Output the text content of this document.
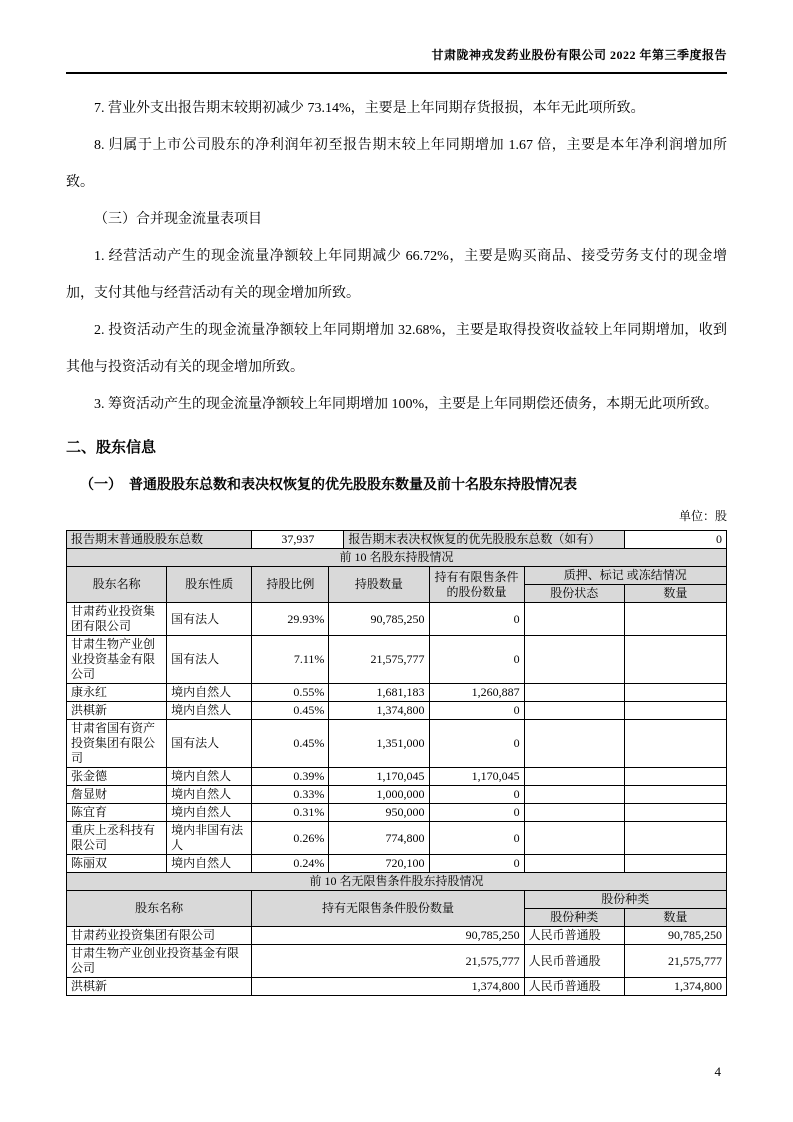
甘肃陇神戎发药业股份有限公司 2022 年第三季度报告

7. 营业外支出报告期末较期初减少 73.14%，主要是上年同期存货报损，本年无此项所致。

8. 归属于上市公司股东的净利润年初至报告期末较上年同期增加 1.67 倍，主要是本年净利润增加所致。

（三）合并现金流量表项目

1. 经营活动产生的现金流量净额较上年同期减少 66.72%，主要是购买商品、接受劳务支付的现金增加，支付其他与经营活动有关的现金增加所致。

2. 投资活动产生的现金流量净额较上年同期增加 32.68%，主要是取得投资收益较上年同期增加，收到其他与投资活动有关的现金增加所致。

3. 筹资活动产生的现金流量净额较上年同期增加 100%，主要是上年同期偿还债务，本期无此项所致。

二、股东信息
（一）　普通股股东总数和表决权恢复的优先股股东数量及前十名股东持股情况表
单位：股
报告期末普通股股东总数		37,937		报告期末表决权恢复的优先股股东总数（如有）			0
前 10 名股东持股情况							
股东名称	股东性质	持股比例	持股数量		持有有限售条件的股份数量	质押、标记 或冻结情况	
						股份状态	数量
甘肃药业投资集团有限公司	国有法人	29.93%	90,785,250		0		
甘肃生物产业创业投资基金有限公司	国有法人	7.11%	21,575,777		0		
康永红	境内自然人	0.55%	1,681,183		1,260,887		
洪棋新	境内自然人	0.45%	1,374,800		0		
甘肃省国有资产投资集团有限公司	国有法人	0.45%	1,351,000		0		
张金德	境内自然人	0.39%	1,170,045		1,170,045		
詹显财	境内自然人	0.33%	1,000,000		0		
陈宜育	境内自然人	0.31%	950,000		0		
重庆上丞科技有限公司	境内非国有法人	0.26%	774,800		0		
陈丽双	境内自然人	0.24%	720,100		0		
前 10 名无限售条件股东持股情况							
股东名称		持有无限售条件股份数量				股份种类	
						股份种类	数量
甘肃药业投资集团有限公司		90,785,250				人民币普通股	90,785,250
甘肃生物产业创业投资基金有限公司		21,575,777				人民币普通股	21,575,777
洪棋新		1,374,800				人民币普通股	1,374,800
4
